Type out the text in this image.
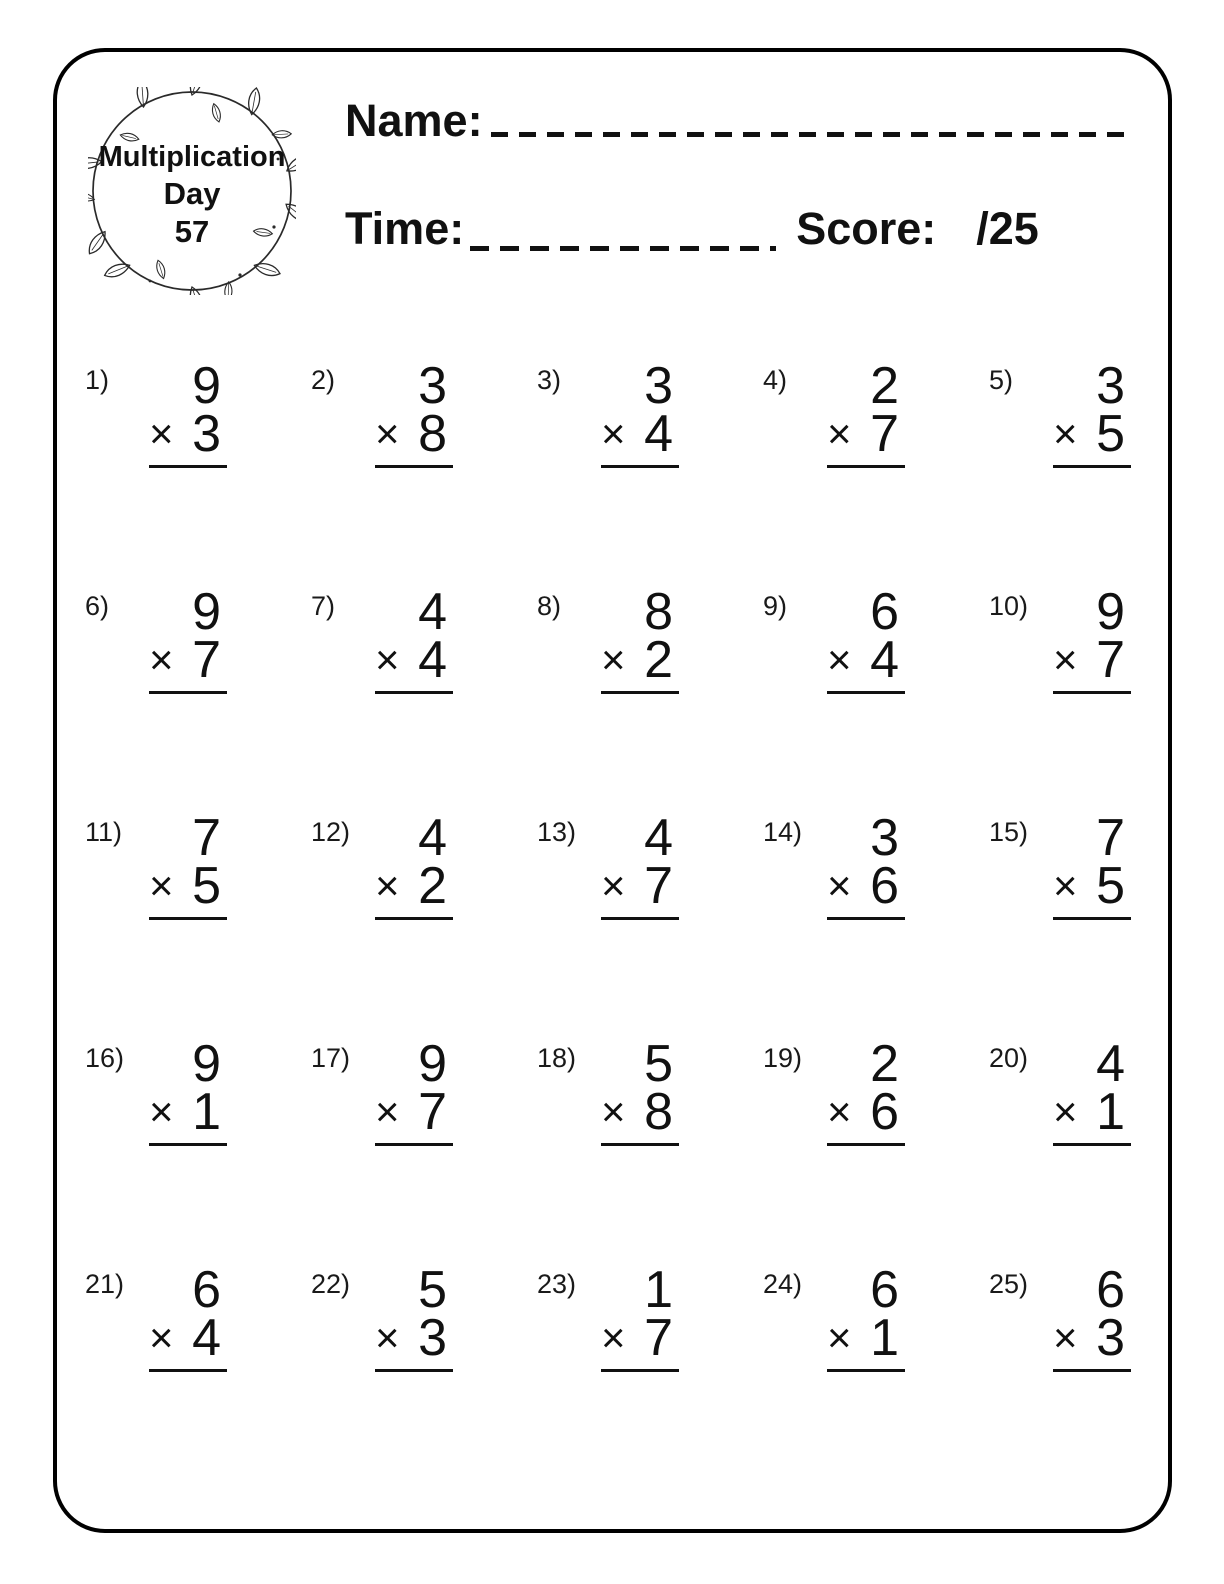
Multiplication
Day
57
Name:
Time:	Score: /25
1)	9
× 3
2)	3
× 8
3)	3
× 4
4)	2
× 7
5)	3
× 5
6)	9
× 7
7)	4
× 4
8)	8
× 2
9)	6
× 4
10)	9
× 7
11)	7
× 5
12)	4
× 2
13)	4
× 7
14)	3
× 6
15)	7
× 5
16)	9
× 1
17)	9
× 7
18)	5
× 8
19)	2
× 6
20)	4
× 1
21)	6
× 4
22)	5
× 3
23)	1
× 7
24)	6
× 1
25)	6
× 3
